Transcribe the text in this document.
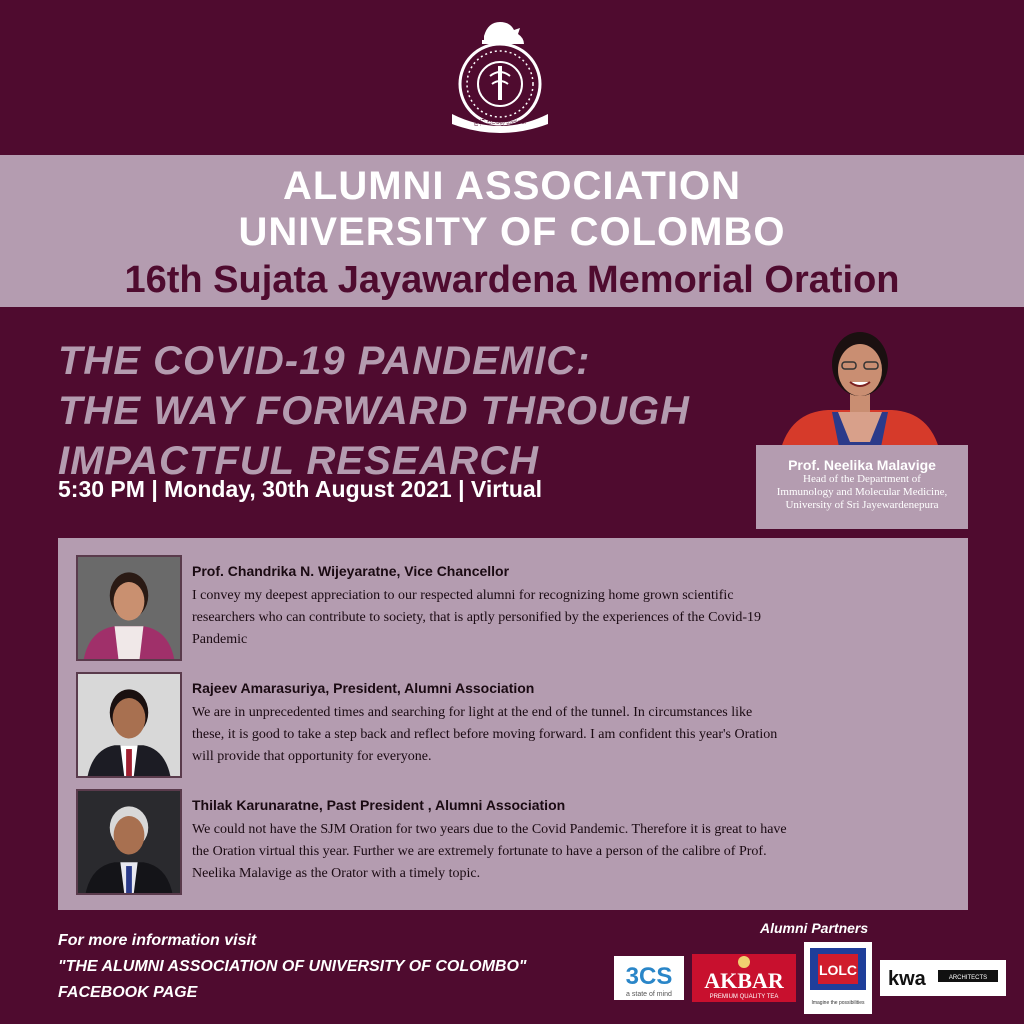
බුද්ධි සර්වත්‍ර භ්‍රාජතේ
ALUMNI ASSOCIATION
UNIVERSITY OF COLOMBO
16th Sujata Jayawardena Memorial Oration
THE COVID-19 PANDEMIC:
THE WAY FORWARD THROUGH
IMPACTFUL RESEARCH
5:30 PM | Monday, 30th August 2021 | Virtual
Prof. Neelika Malavige
Head of the Department of
Immunology and Molecular Medicine,
University of Sri Jayewardenepura
Prof. Chandrika N. Wijeyaratne, Vice Chancellor
I convey my deepest appreciation to our respected alumni for recognizing home grown scientific
researchers who can contribute to society, that is aptly personified by the experiences of the Covid-19
Pandemic
Rajeev Amarasuriya, President, Alumni Association
We are in unprecedented times and searching for light at the end of the tunnel. In circumstances like
these, it is good to take a step back and reflect before moving forward. I am confident this year's Oration
will provide that opportunity for everyone.
Thilak Karunaratne, Past President , Alumni Association
We could not have the SJM Oration for two years due to the Covid Pandemic. Therefore it is great to have
the Oration virtual this year. Further we are extremely fortunate to have a person of the calibre of Prof.
Neelika Malavige as the Orator with a timely topic.
For more information visit
"THE ALUMNI ASSOCIATION OF UNIVERSITY OF COLOMBO"
FACEBOOK PAGE
Alumni Partners
3CS
a state of mind
AKBAR
PREMIUM QUALITY TEA
LOLC
Imagine the possibilities
kwa	ARCHITECTS
